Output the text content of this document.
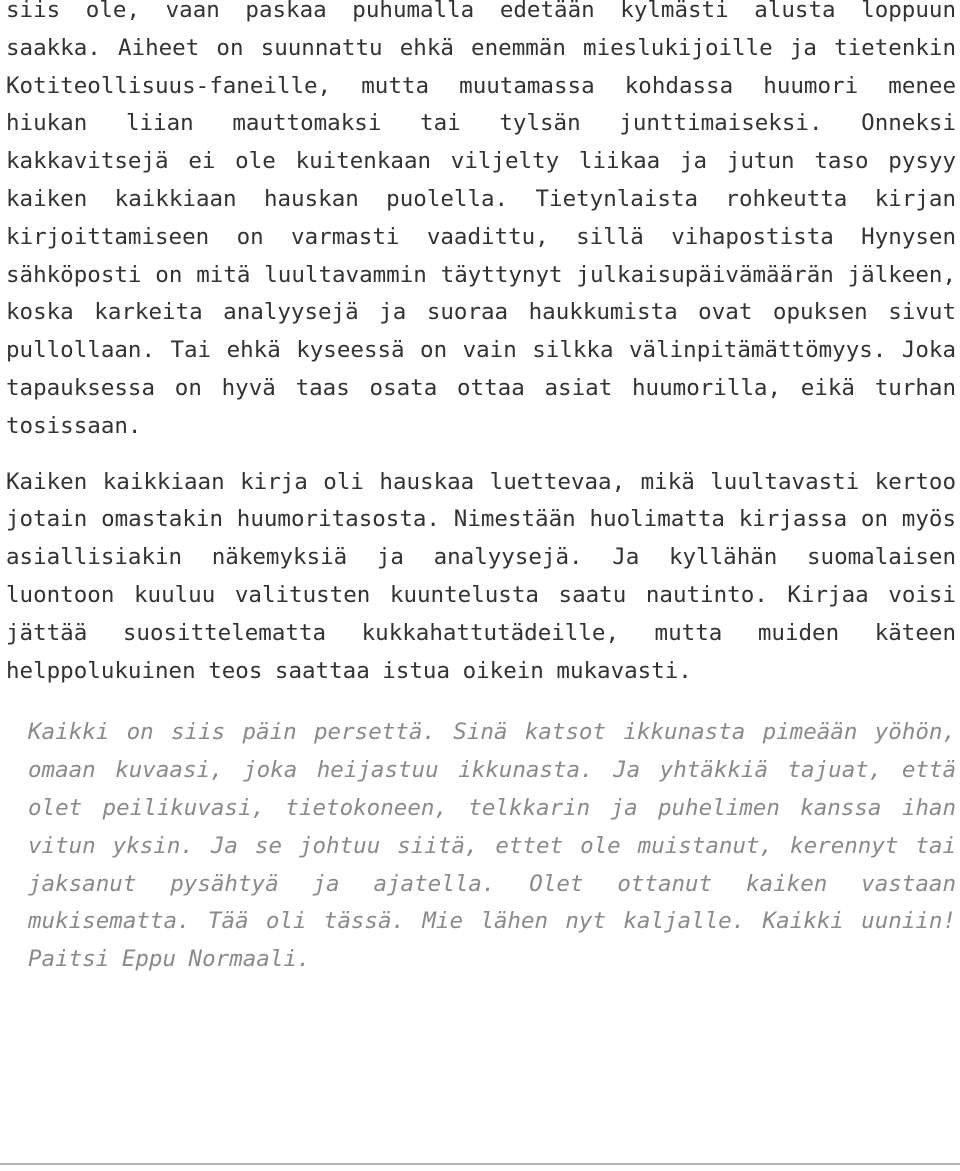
siis ole, vaan paskaa puhumalla edetään kylmästi alusta loppuun saakka. Aiheet on suunnattu ehkä enemmän mieslukijoille ja tietenkin Kotiteollisuus-faneille, mutta muutamassa kohdassa huumori menee hiukan liian mauttomaksi tai tylsän junttimaiseksi. Onneksi kakkavitsejä ei ole kuitenkaan viljelty liikaa ja jutun taso pysyy kaiken kaikkiaan hauskan puolella. Tietynlaista rohkeutta kirjan kirjoittamiseen on varmasti vaadittu, sillä vihapostista Hynysen sähköposti on mitä luultavammin täyttynyt julkaisupäivämäärän jälkeen, koska karkeita analyysejä ja suoraa haukkumista ovat opuksen sivut pullollaan. Tai ehkä kyseessä on vain silkka välinpitämättömyys. Joka tapauksessa on hyvä taas osata ottaa asiat huumorilla, eikä turhan tosissaan.

Kaiken kaikkiaan kirja oli hauskaa luettevaa, mikä luultavasti kertoo jotain omastakin huumoritasosta. Nimestään huolimatta kirjassa on myös asiallisiakin näkemyksiä ja analyysejä. Ja kyllähän suomalaisen luontoon kuuluu valitusten kuuntelusta saatu nautinto. Kirjaa voisi jättää suosittelematta kukkahattutädeille, mutta muiden käteen helppolukuinen teos saattaa istua oikein mukavasti.

Kaikki on siis päin persettä. Sinä katsot ikkunasta pimeään yöhön, omaan kuvaasi, joka heijastuu ikkunasta. Ja yhtäkkiä tajuat, että olet peilikuvasi, tietokoneen, telkkarin ja puhelimen kanssa ihan vitun yksin. Ja se johtuu siitä, ettet ole muistanut, kerennyt tai jaksanut pysähtyä ja ajatella. Olet ottanut kaiken vastaan mukisematta. Tää oli tässä. Mie lähen nyt kaljalle. Kaikki uuniin! Paitsi Eppu Normaali.
